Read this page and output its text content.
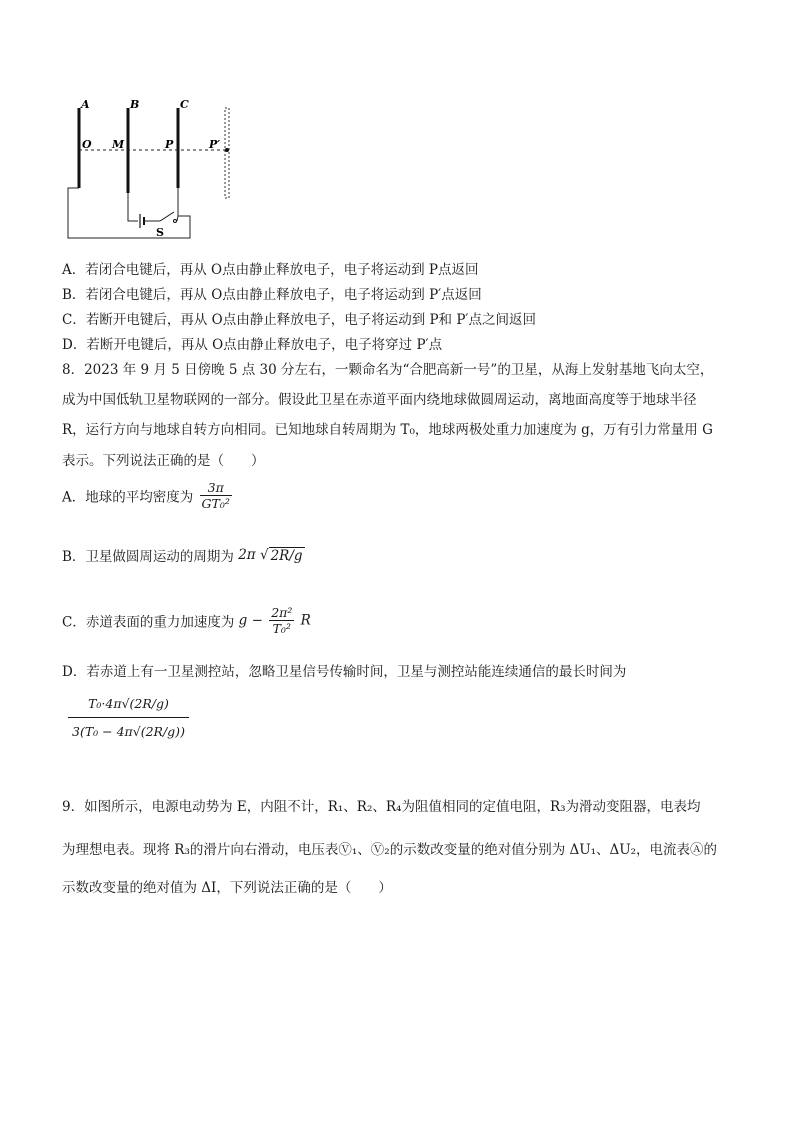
A	B	C
O M	P	P′
S
A．若闭合电键后，再从 O点由静止释放电子，电子将运动到 P点返回
B．若闭合电键后，再从 O点由静止释放电子，电子将运动到 P′点返回
C．若断开电键后，再从 O点由静止释放电子，电子将运动到 P和 P′点之间返回
D．若断开电键后，再从 O点由静止释放电子，电子将穿过 P′点
8．2023 年 9 月 5 日傍晚 5 点 30 分左右，一颗命名为“合肥高新一号”的卫星，从海上发射基地飞向太空，
成为中国低轨卫星物联网的一部分。假设此卫星在赤道平面内绕地球做圆周运动，离地面高度等于地球半径
R，运行方向与地球自转方向相同。已知地球自转周期为 T₀，地球两极处重力加速度为 g，万有引力常量用 G
表示。下列说法正确的是（　　）
A．地球的平均密度为 $\frac{3\pi}{\text{GT₀²}}$
B．卫星做圆周运动的周期为 2π √ 2R/g
C．赤道表面的重力加速度为 $g - \frac{\text{2π²}}{\text{T₀²}}$ R
D．若赤道上有一卫星测控站，忽略卫星信号传输时间，卫星与测控站能连续通信的最长时间为
$\frac{\text{T₀·4π√(2R/g)}}{\text{3(T₀ − 4π√(2R/g))}}$
9．如图所示，电源电动势为 E，内阻不计，R₁、R₂、R₄为阻值相同的定值电阻，R₃为滑动变阻器，电表均
为理想电表。现将 R₃的滑片向右滑动，电压表Ⓥ₁、Ⓥ₂的示数改变量的绝对值分别为 ΔU₁、ΔU₂，电流表Ⓐ的
示数改变量的绝对值为 ΔI，下列说法正确的是（　　）
